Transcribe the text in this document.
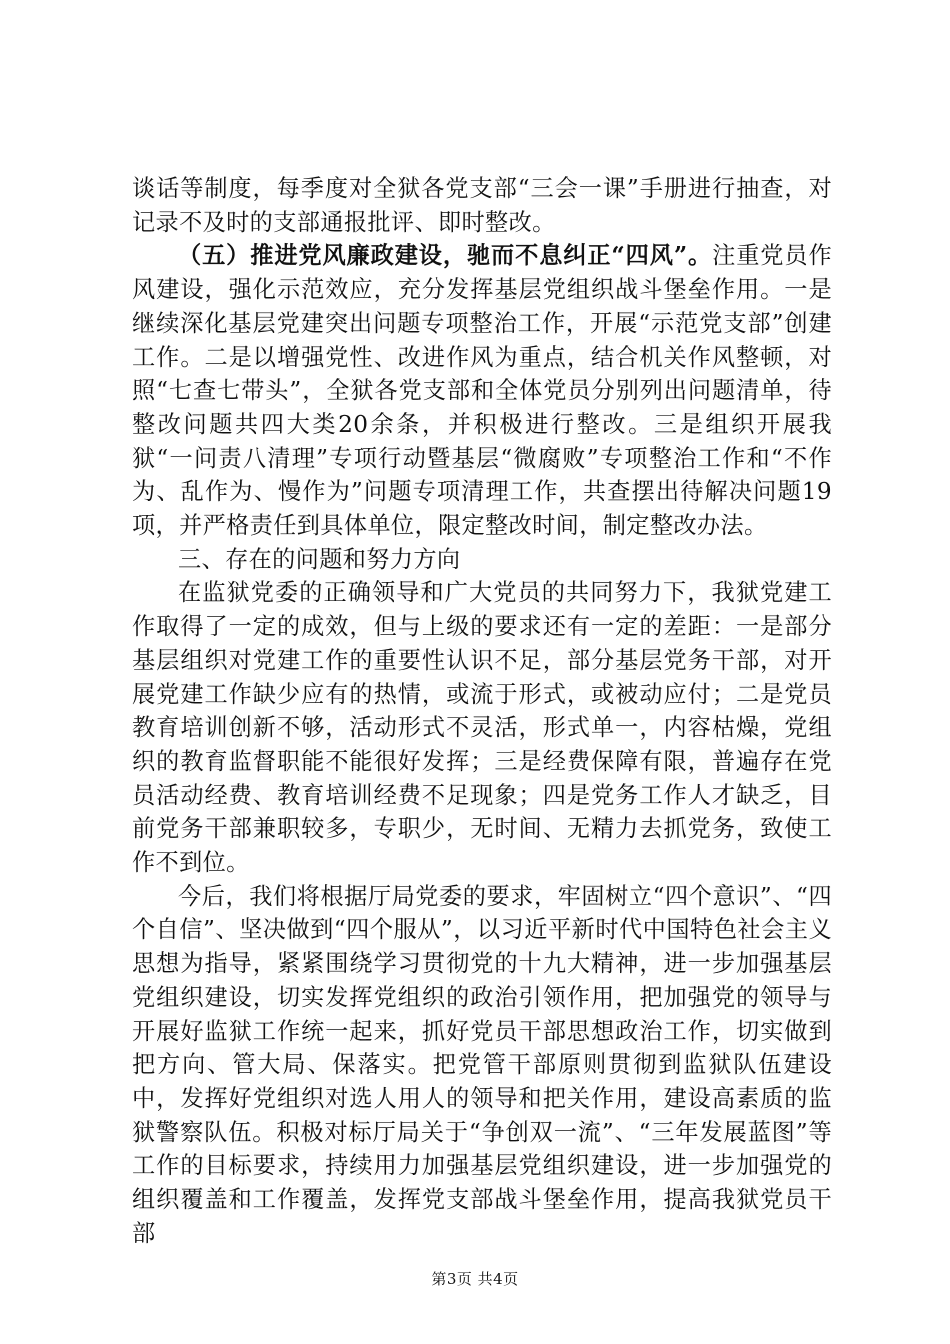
谈话等制度，每季度对全狱各党支部“三会一课”手册进行抽查，对记录不及时的支部通报批评、即时整改。

（五）推进党风廉政建设，驰而不息纠正“四风”。注重党员作风建设，强化示范效应，充分发挥基层党组织战斗堡垒作用。一是继续深化基层党建突出问题专项整治工作，开展“示范党支部”创建工作。二是以增强党性、改进作风为重点，结合机关作风整顿，对照“七查七带头”，全狱各党支部和全体党员分别列出问题清单，待整改问题共四大类20余条，并积极进行整改。三是组织开展我狱“一问责八清理”专项行动暨基层“微腐败”专项整治工作和“不作为、乱作为、慢作为”问题专项清理工作，共查摆出待解决问题19项，并严格责任到具体单位，限定整改时间，制定整改办法。

三、存在的问题和努力方向

在监狱党委的正确领导和广大党员的共同努力下，我狱党建工作取得了一定的成效，但与上级的要求还有一定的差距：一是部分基层组织对党建工作的重要性认识不足，部分基层党务干部，对开展党建工作缺少应有的热情，或流于形式，或被动应付；二是党员教育培训创新不够，活动形式不灵活，形式单一，内容枯燥，党组织的教育监督职能不能很好发挥；三是经费保障有限，普遍存在党员活动经费、教育培训经费不足现象；四是党务工作人才缺乏，目前党务干部兼职较多，专职少，无时间、无精力去抓党务，致使工作不到位。

今后，我们将根据厅局党委的要求，牢固树立“四个意识”、“四个自信”、坚决做到“四个服从”，以习近平新时代中国特色社会主义思想为指导，紧紧围绕学习贯彻党的十九大精神，进一步加强基层党组织建设，切实发挥党组织的政治引领作用，把加强党的领导与开展好监狱工作统一起来，抓好党员干部思想政治工作，切实做到把方向、管大局、保落实。把党管干部原则贯彻到监狱队伍建设中，发挥好党组织对选人用人的领导和把关作用，建设高素质的监狱警察队伍。积极对标厅局关于“争创双一流”、“三年发展蓝图”等工作的目标要求，持续用力加强基层党组织建设，进一步加强党的组织覆盖和工作覆盖，发挥党支部战斗堡垒作用，提高我狱党员干部

第3页 共4页
